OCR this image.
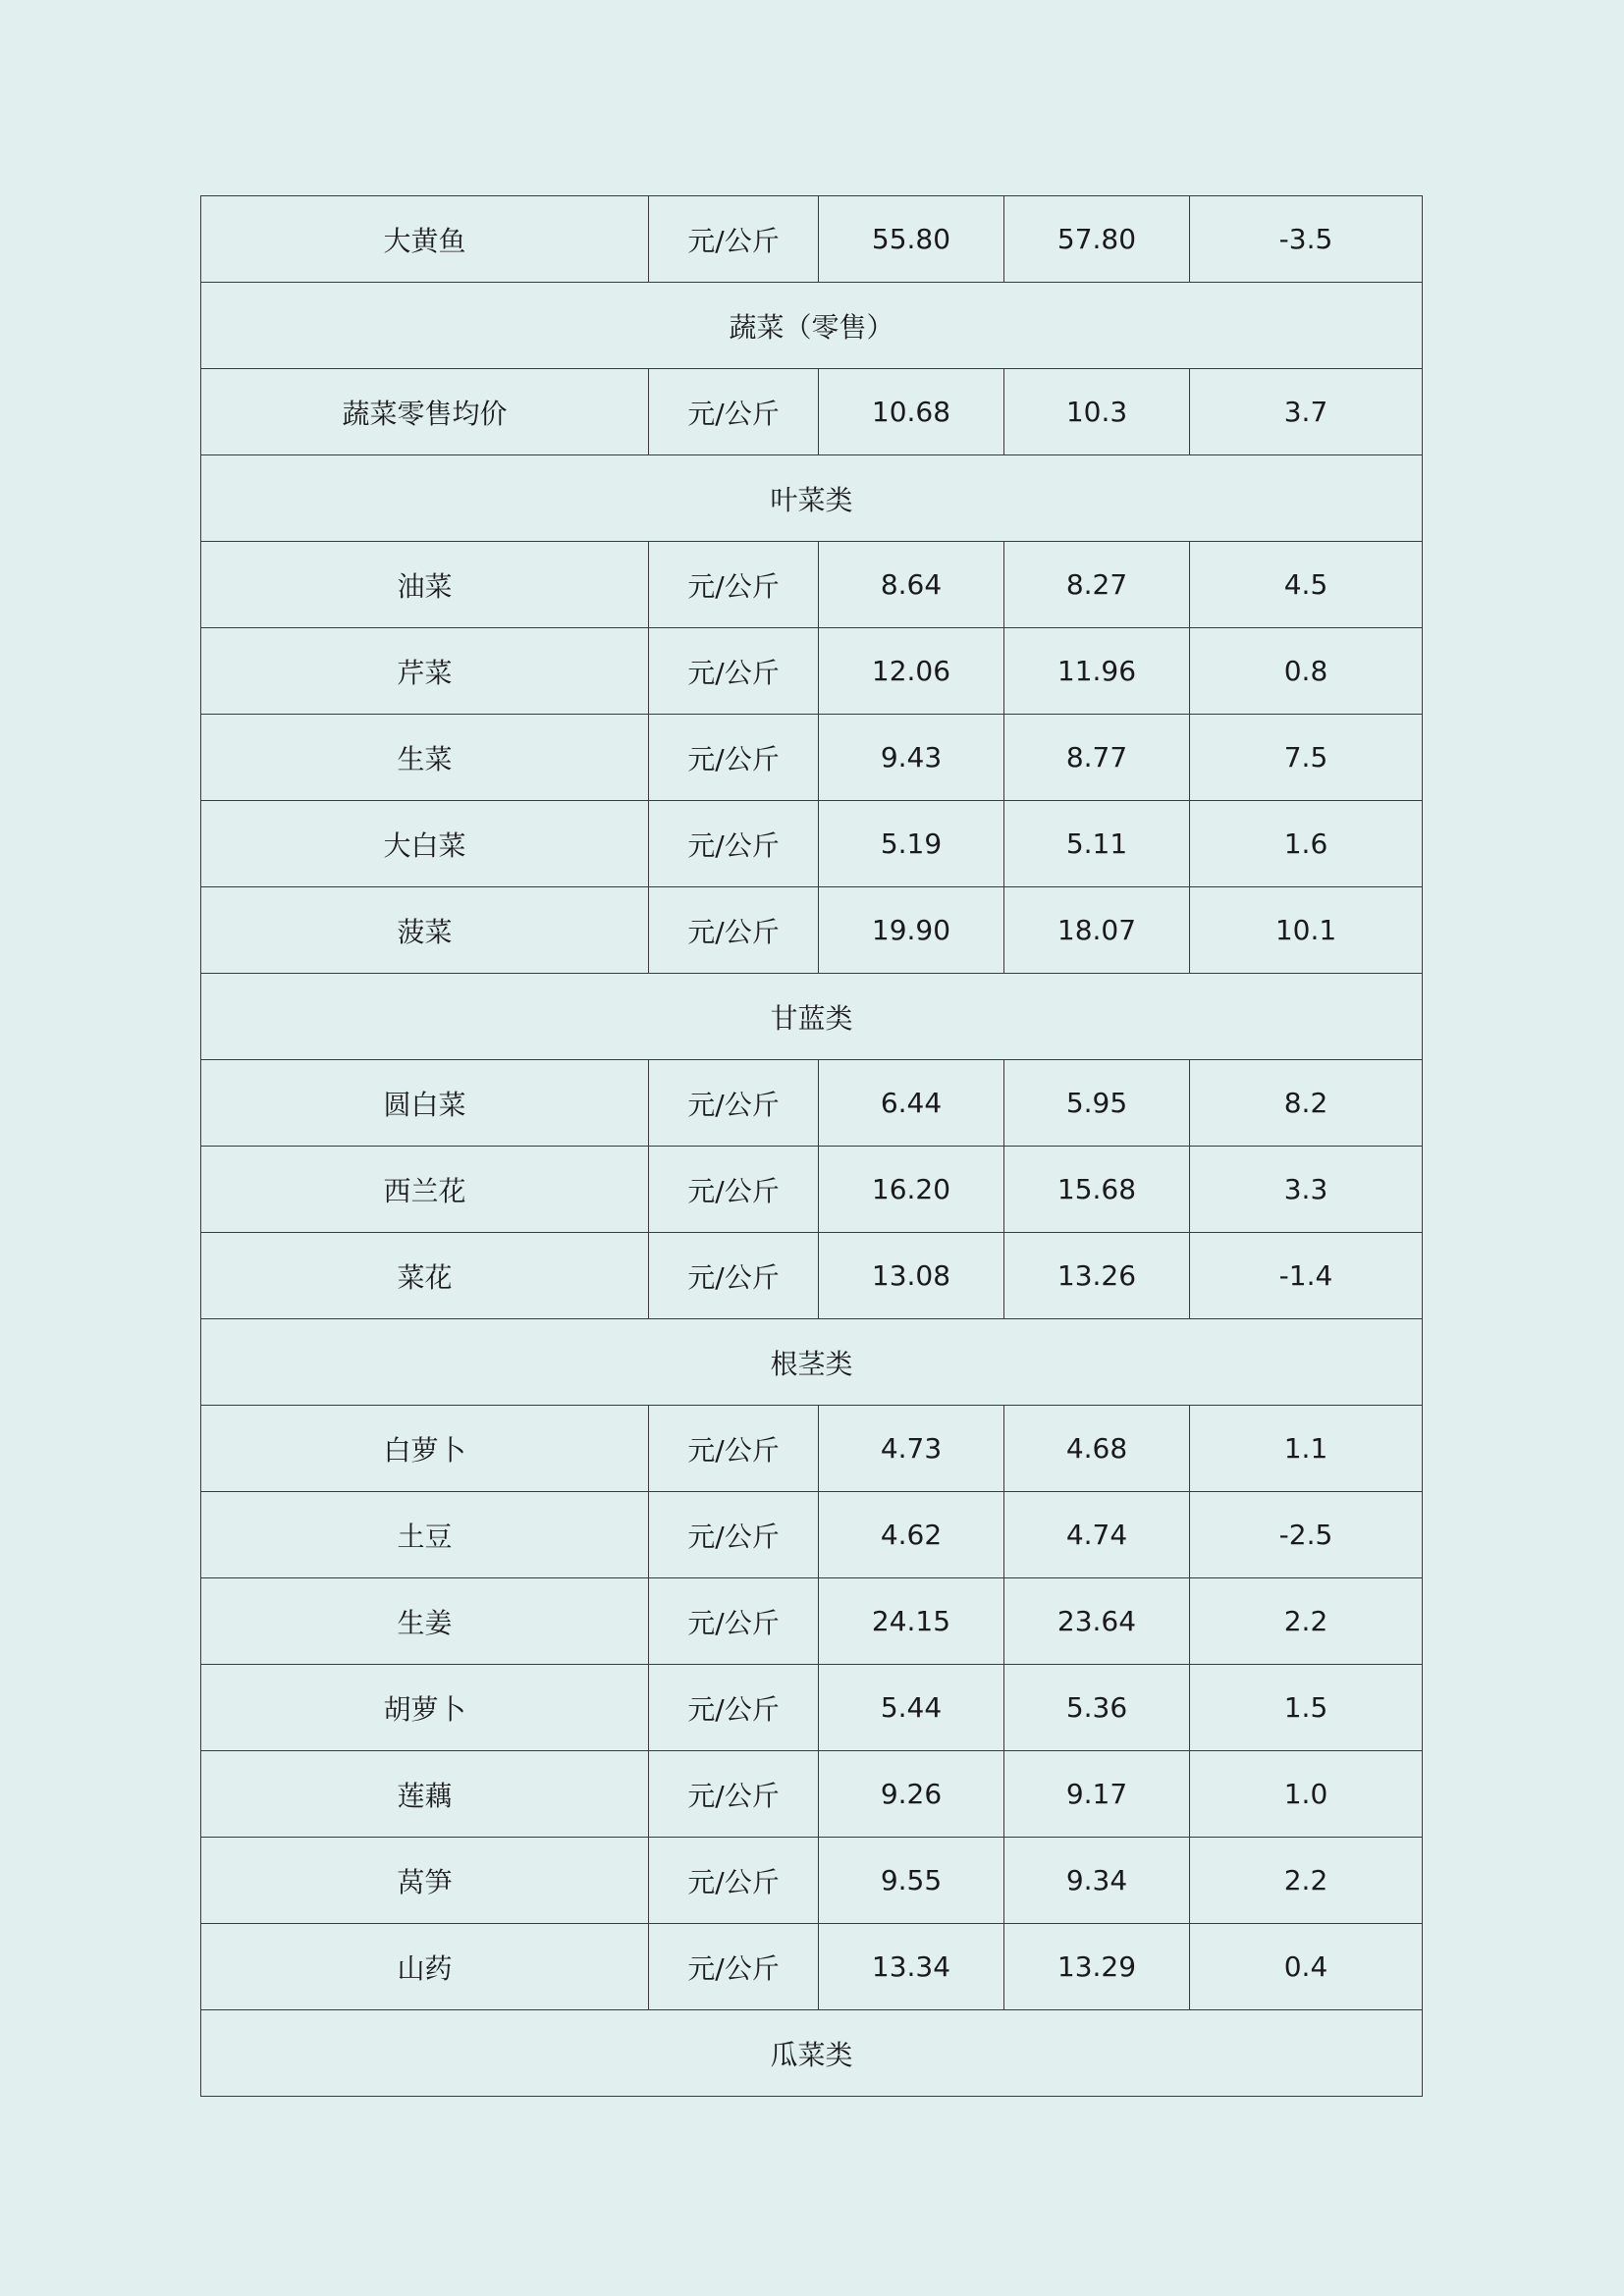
大黄鱼	元/公斤	55.80	57.80	-3.5
蔬菜（零售）				
蔬菜零售均价	元/公斤	10.68	10.3	3.7
叶菜类				
油菜	元/公斤	8.64	8.27	4.5
芹菜	元/公斤	12.06	11.96	0.8
生菜	元/公斤	9.43	8.77	7.5
大白菜	元/公斤	5.19	5.11	1.6
菠菜	元/公斤	19.90	18.07	10.1
甘蓝类				
圆白菜	元/公斤	6.44	5.95	8.2
西兰花	元/公斤	16.20	15.68	3.3
菜花	元/公斤	13.08	13.26	-1.4
根茎类				
白萝卜	元/公斤	4.73	4.68	1.1
土豆	元/公斤	4.62	4.74	-2.5
生姜	元/公斤	24.15	23.64	2.2
胡萝卜	元/公斤	5.44	5.36	1.5
莲藕	元/公斤	9.26	9.17	1.0
莴笋	元/公斤	9.55	9.34	2.2
山药	元/公斤	13.34	13.29	0.4
瓜菜类				
